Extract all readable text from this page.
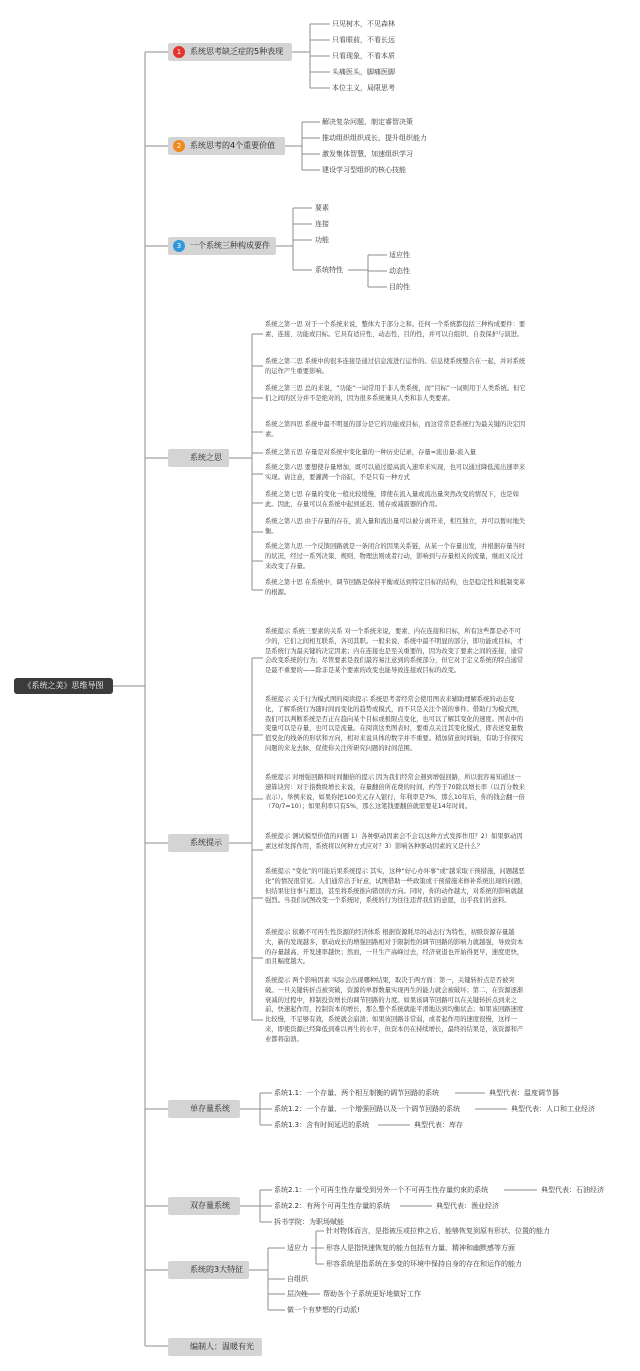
《系统之美》思维导图
1	系统思考缺乏症的5种表现
只见树木，不见森林
只看眼前，不看长远
只看现象，不看本质
头痛医头，脚痛医脚
本位主义，局限思考
2	系统思考的4个重要价值
解决复杂问题，制定睿智决策
推动组织组织成长，提升组织能力
激发集体智慧，加速组织学习
建设学习型组织的核心技能
3	一个系统三种构成要件
要素
连接
功能
系统特性
适应性
动态性
目的性
系统之思
系统之第一思 对于一个系统来说，整体大于部分之和。任何一个系统都包括三种构成要件：要素、连接、功能或目标。它具有适应性、动态性、目的性，并可以自组织、自我保护与演进。
系统之第二思 系统中的很多连接是通过信息流进行运作的。信息使系统整合在一起，并对系统的运作产生重要影响。
系统之第三思 总的来说，“功能”一词常用于非人类系统，而“目标”一词则用于人类系统。但它们之间的区分并不是绝对的，因为很多系统兼具人类和非人类要素。
系统之第四思 系统中最不明显的部分是它的功能或目标，而这常常是系统行为最关键的决定因素。
系统之第五思 存量是对系统中变化量的一种历史记录，存量=流出量-流入量
系统之第六思 要想使存量增加，既可以通过提高流入速率来实现，也可以通过降低流出速率来实现。请注意，要灌满一个浴缸，不是只有一种方式
系统之第七思 存量的变化一般比较缓慢，即使在流入量或流出量突然改变的情况下，也是如此。因此，存量可以在系统中起到延迟、缓存或减震器的作用。
系统之第八思 由于存量的存在，流入量和流出量可以被分离开来，相互独立，并可以暂时地失衡。
系统之第九思 一个反馈回路就是一条闭合的因果关系链，从某一个存量出发，并根据存量当时的状况，经过一系列决策、规则、物理法则或者行动，影响到与存量相关的流量，继而又反过来改变了存量。
系统之第十思 在系统中，调节回路是保持平衡或达到特定目标的结构，也是稳定性和抵制变革的根源。
系统提示
系统提示 系统三要素的关系 对一个系统来说，要素、内在连接和目标，所有这些都是必不可少的，它们之间相互联系，各司其职。一般来说，系统中最不明显的部分，即功能或目标，才是系统行为最关键的决定因素；内在连接也是至关重要的，因为改变了要素之间的连接，通常会改变系统的行为；尽管要素是我们最容易注意到的系统部分，但它对于定义系统的特点通常是最不重要的——除非是某个要素的改变也能导致连接或目标的改变。
系统提示 关于行为模式图的阅读提示 系统思考者经常会使用图表来辅助理解系统的动态变化，了解系统行为随时间而变化的趋势或模式，而不只是关注个别的事件。借助行为模式图，我们可以判断系统是否正在趋向某个目标或极限点变化，也可以了解其变化的速度。图表中的变量可以是存量，也可以是流量。在阅读这类图表时，要重点关注其变化模式，即表述变量数值变化的线条的形状和方向，相对来说具体的数字并不重要。稍加留意时间轴，有助于你探究问题的来龙去脉，促使你关注所研究问题的时间范围。
系统提示 对增强回路和时间翻倍的提示 因为我们经常会遇到增强回路，所以很容易知道这一速算诀窍：对于指数级增长来说，存量翻倍所花费的时间，约等于70除以增长率（以百分数来表示）。举例来说，如果你把100美元存入银行，年利率是7%，那么10年后，你的钱会翻一倍（70/7=10）；如果利率只有5%，那么这笔钱要翻倍就需要花14年时间。
系统提示 测试模型价值的问题 1）各种驱动因素会不会以这种方式发挥作用？2）如果驱动因素这样发挥作用，系统将以何种方式应对？3）影响各种驱动因素的又是什么？
系统提示 “变化”的可能后果系统提示 其实，这种“好心办坏事”或“越采取干预措施，问题越恶化”的情况很常见。人们通常出于好意，试图借助一些政策或干预措施来修补系统出现的问题，但结果往往事与愿违，甚至将系统推向错误的方向。同时，你的动作越大，对系统的影响就越强烈。当我们试图改变一个系统时，系统的行为往往违背我们的意愿，出乎我们的意料。
系统提示 依赖不可再生性资源的经济体系 根据资源耗尽的动态行为特性，初级资源存量越大，新的发现越多，驱动成长的增强回路相对于限制性的调节回路的影响力就越强，导致资本的存量越高、开发速率越快；然而，一旦生产高峰过去，经济衰退也开始得更早，速度更快，而且幅度越大。
系统提示 两个影响因素 实际会出现哪种结果，取决于两方面：第一，关键转折点是否被突破。一旦关键转折点被突破，资源的单群数量实现再生的能力就会被破坏；第二，在资源逐渐衰减的过程中，抑制投资增长的调节回路的力度。如果该调节回路可以在关键转折点到来之前，快速起作用，控制资本的增长，那么整个系统就能平滑地达到均衡状态；如果该回路速度比较慢，不足够有效，系统就会崩溃；如果该回路非常弱，或者起作用的速度很慢，这样一来，即使资源已经降低到难以再生的水平，但资本仍在持续增长，最终的结果是，该资源和产业都将崩溃。
单存量系统
系统1.1：一个存量、两个相互制衡的调节回路的系统
系统1.2：一个存量、一个增强回路以及一个调节回路的系统
系统1.3：含有时间延迟的系统
典型代表：温度调节器
典型代表：人口和工业经济
典型代表：库存
双存量系统
系统2.1：一个可再生性存量受到另外一个不可再生性存量约束的系统
系统2.2：有两个可再生性存量的系统
拆书学院：为职场赋能
典型代表：石油经济
典型代表：渔业经济
系统的3大特征
适应力
自组织
层次性
做一个有梦想的行动派!
针对物体而言，是指被压或拉伸之后，能够恢复到原有形状、位置的能力
形容人是指快速恢复的能力包括有力量、精神和幽默感等方面
形容系统是指系统在多变的环境中保持自身的存在和运作的能力
帮助各个子系统更好地做好工作
编制人：温暖有光
